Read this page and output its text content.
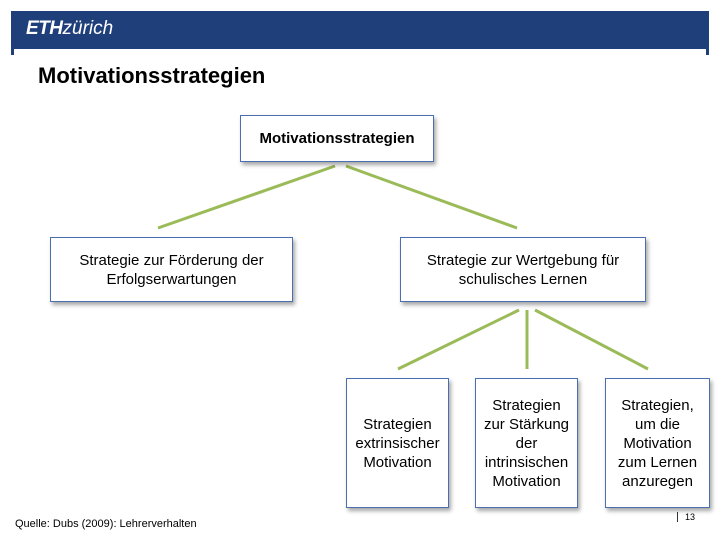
ETHzürich
Motivationsstrategien
Motivationsstrategien
Strategie zur Förderung der Erfolgserwartungen
Strategie zur Wertgebung für schulisches Lernen
Strategien extrinsischer Motivation
Strategien zur Stärkung der intrinsischen Motivation
Strategien, um die Motivation zum Lernen anzuregen
Quelle: Dubs (2009): Lehrerverhalten
13
